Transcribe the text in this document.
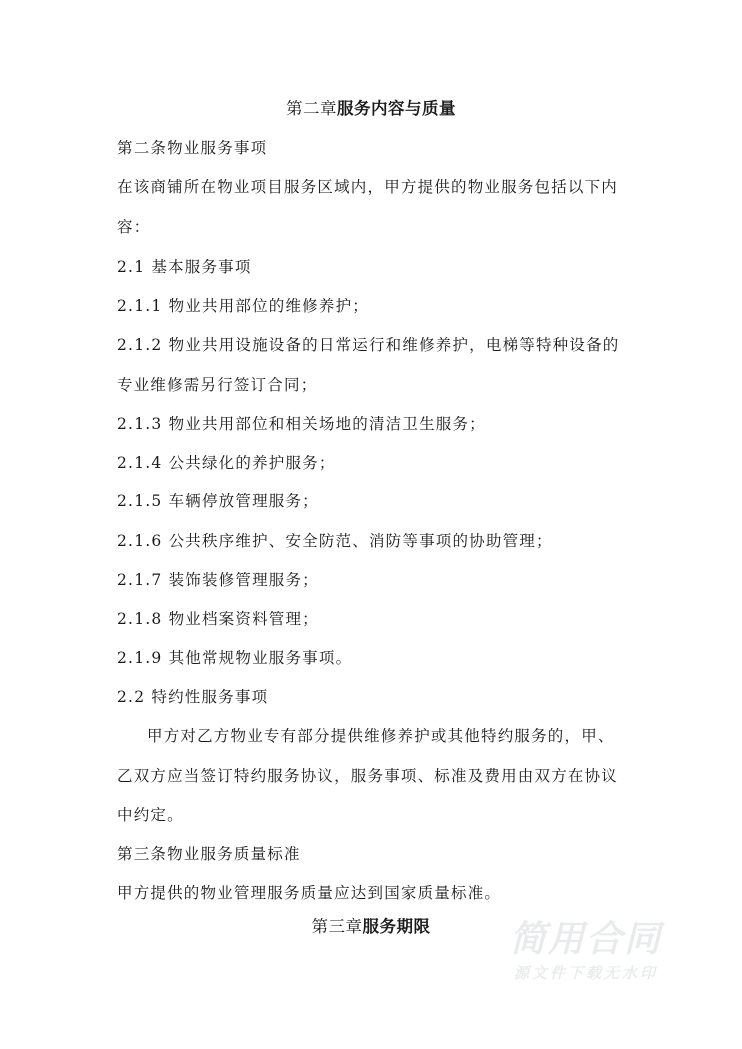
第二章服务内容与质量
第二条物业服务事项
在该商铺所在物业项目服务区域内，甲方提供的物业服务包括以下内
容：
2.1 基本服务事项
2.1.1 物业共用部位的维修养护；
2.1.2 物业共用设施设备的日常运行和维修养护，电梯等特种设备的
专业维修需另行签订合同；
2.1.3 物业共用部位和相关场地的清洁卫生服务；
2.1.4 公共绿化的养护服务；
2.1.5 车辆停放管理服务；
2.1.6 公共秩序维护、安全防范、消防等事项的协助管理；
2.1.7 装饰装修管理服务；
2.1.8 物业档案资料管理；
2.1.9 其他常规物业服务事项。
2.2 特约性服务事项
甲方对乙方物业专有部分提供维修养护或其他特约服务的，甲、
乙双方应当签订特约服务协议，服务事项、标准及费用由双方在协议
中约定。
第三条物业服务质量标准
甲方提供的物业管理服务质量应达到国家质量标准。
第三章服务期限	简用合同
源文件下载无水印
